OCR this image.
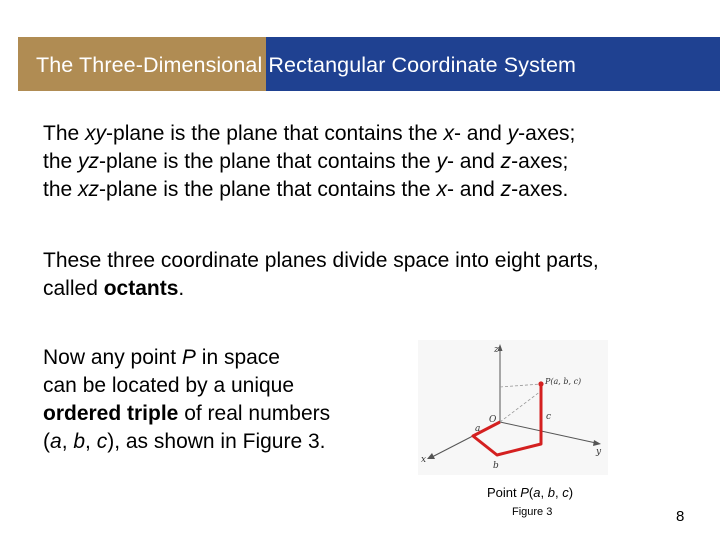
The Three-Dimensional Rectangular Coordinate System

The xy-plane is the plane that contains the x- and y-axes;
the yz-plane is the plane that contains the y- and z-axes;
the xz-plane is the plane that contains the x- and z-axes.

These three coordinate planes divide space into eight parts,
called octants.

Now any point P in space
can be located by a unique
ordered triple of real numbers
(a, b, c), as shown in Figure 3.

z
y
x
O
P(a, b, c)
a
b
c
Point P(a, b, c)
Figure 3	8
